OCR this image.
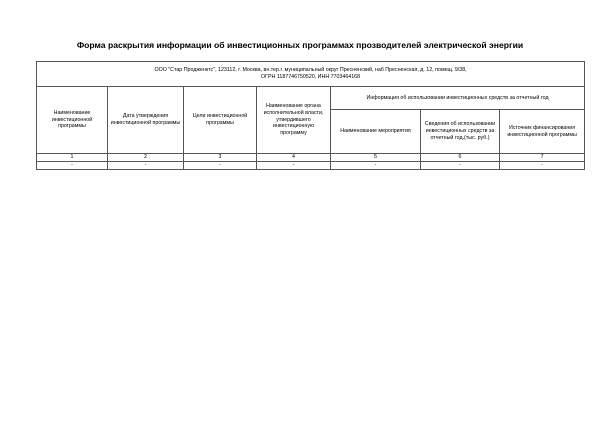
Форма раскрытия информации об инвестиционных программах прозводителей электрической энергии
ООО "Стар Продженктс", 123112, г. Москва, вн.тер.г. муниципальный округ Пресненский, наб Пресненская, д. 12, помещ. 9/38,
ОГРН 1187746750520, ИНН 7703464168						

Наименование инвестиционной программы	Дата утверждения инвестиционной программы	Цели инвестиционной программы	Наименование органа исполнительной власти, утвердившего инвестиционную программу	Информация об использовании инвестиционных средств за отчетный год		
				Наименование мероприятия	Сведения об использовании инвестиционных средств за отчетный год,(тыс. руб.)	Источник финансирования инвестиционной программы
1	2	3	4	5	6	7
-	-	-	-	-	-	-
